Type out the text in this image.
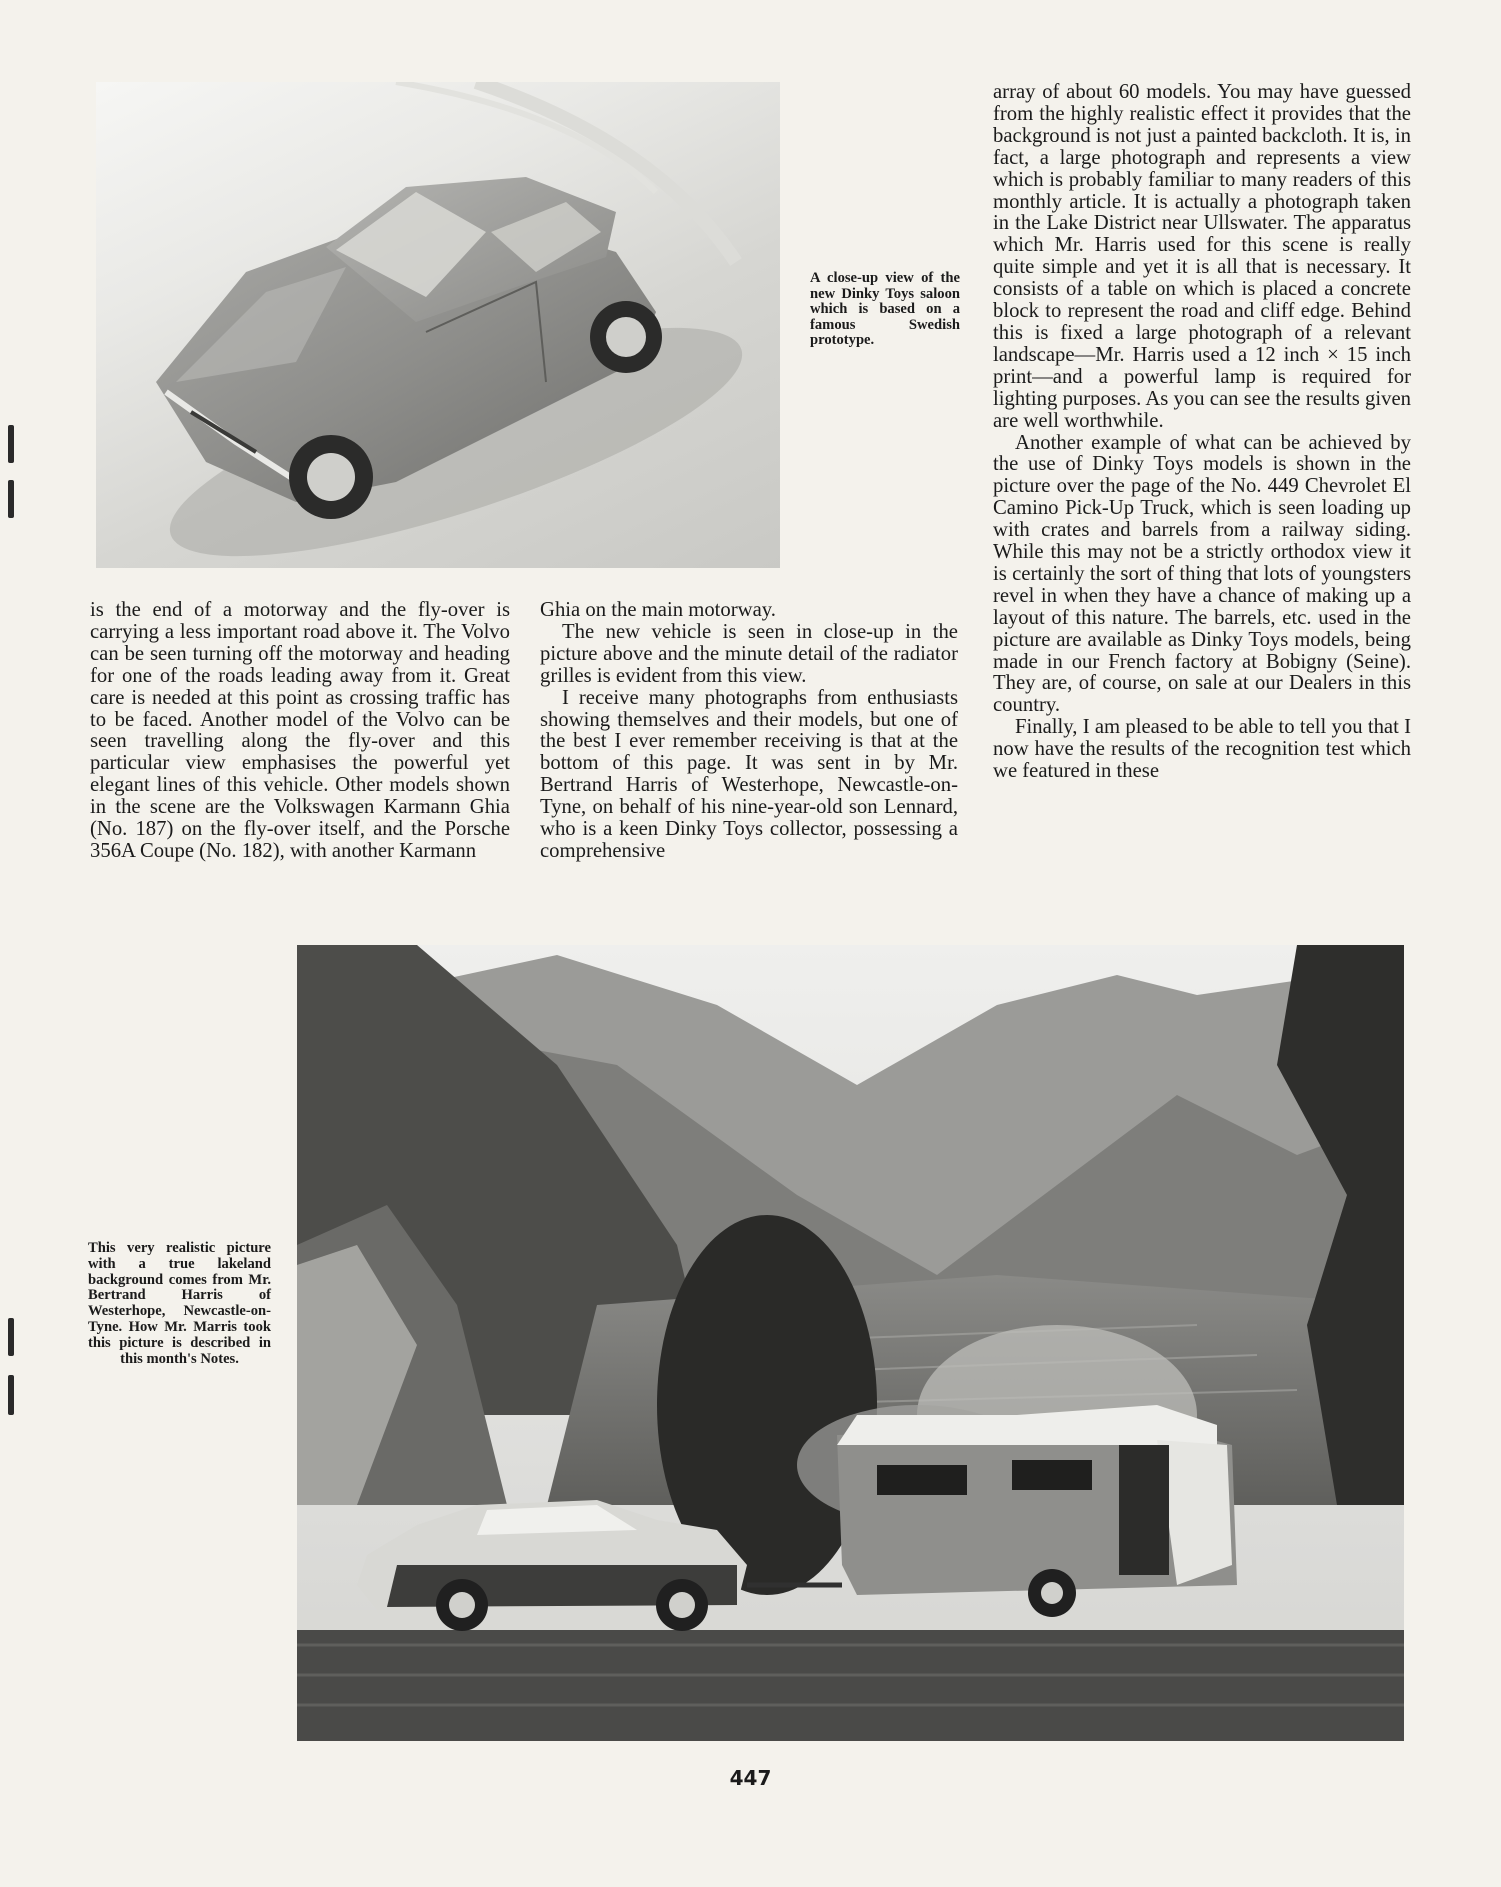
A close-up view of the new Dinky Toys saloon which is based on a famous Swedish prototype.

is the end of a motorway and the fly-over is carrying a less important road above it. The Volvo can be seen turning off the motorway and heading for one of the roads leading away from it. Great care is needed at this point as crossing traffic has to be faced. Another model of the Volvo can be seen travelling along the fly-over and this particular view emphasises the powerful yet elegant lines of this vehicle. Other models shown in the scene are the Volkswagen Karmann Ghia (No. 187) on the fly-over itself, and the Porsche 356A Coupe (No. 182), with another Karmann

Ghia on the main motorway.

The new vehicle is seen in close-up in the picture above and the minute detail of the radiator grilles is evident from this view.

I receive many photographs from enthusiasts showing themselves and their models, but one of the best I ever remember receiving is that at the bottom of this page. It was sent in by Mr. Bertrand Harris of Westerhope, Newcastle-on-Tyne, on behalf of his nine-year-old son Lennard, who is a keen Dinky Toys collector, possessing a comprehensive

array of about 60 models. You may have guessed from the highly realistic effect it provides that the background is not just a painted backcloth. It is, in fact, a large photograph and represents a view which is probably familiar to many readers of this monthly article. It is actually a photograph taken in the Lake District near Ullswater. The apparatus which Mr. Harris used for this scene is really quite simple and yet it is all that is necessary. It consists of a table on which is placed a concrete block to represent the road and cliff edge. Behind this is fixed a large photograph of a relevant landscape—Mr. Harris used a 12 inch × 15 inch print—and a powerful lamp is required for lighting purposes. As you can see the results given are well worthwhile.

Another example of what can be achieved by the use of Dinky Toys models is shown in the picture over the page of the No. 449 Chevrolet El Camino Pick-Up Truck, which is seen loading up with crates and barrels from a railway siding. While this may not be a strictly orthodox view it is certainly the sort of thing that lots of youngsters revel in when they have a chance of making up a layout of this nature. The barrels, etc. used in the picture are available as Dinky Toys models, being made in our French factory at Bobigny (Seine). They are, of course, on sale at our Dealers in this country.

Finally, I am pleased to be able to tell you that I now have the results of the recognition test which we featured in these

This very realistic picture with a true lakeland background comes from Mr. Bertrand Harris of Westerhope, Newcastle-on-Tyne. How Mr. Marris took this picture is described in this month's Notes.
447
